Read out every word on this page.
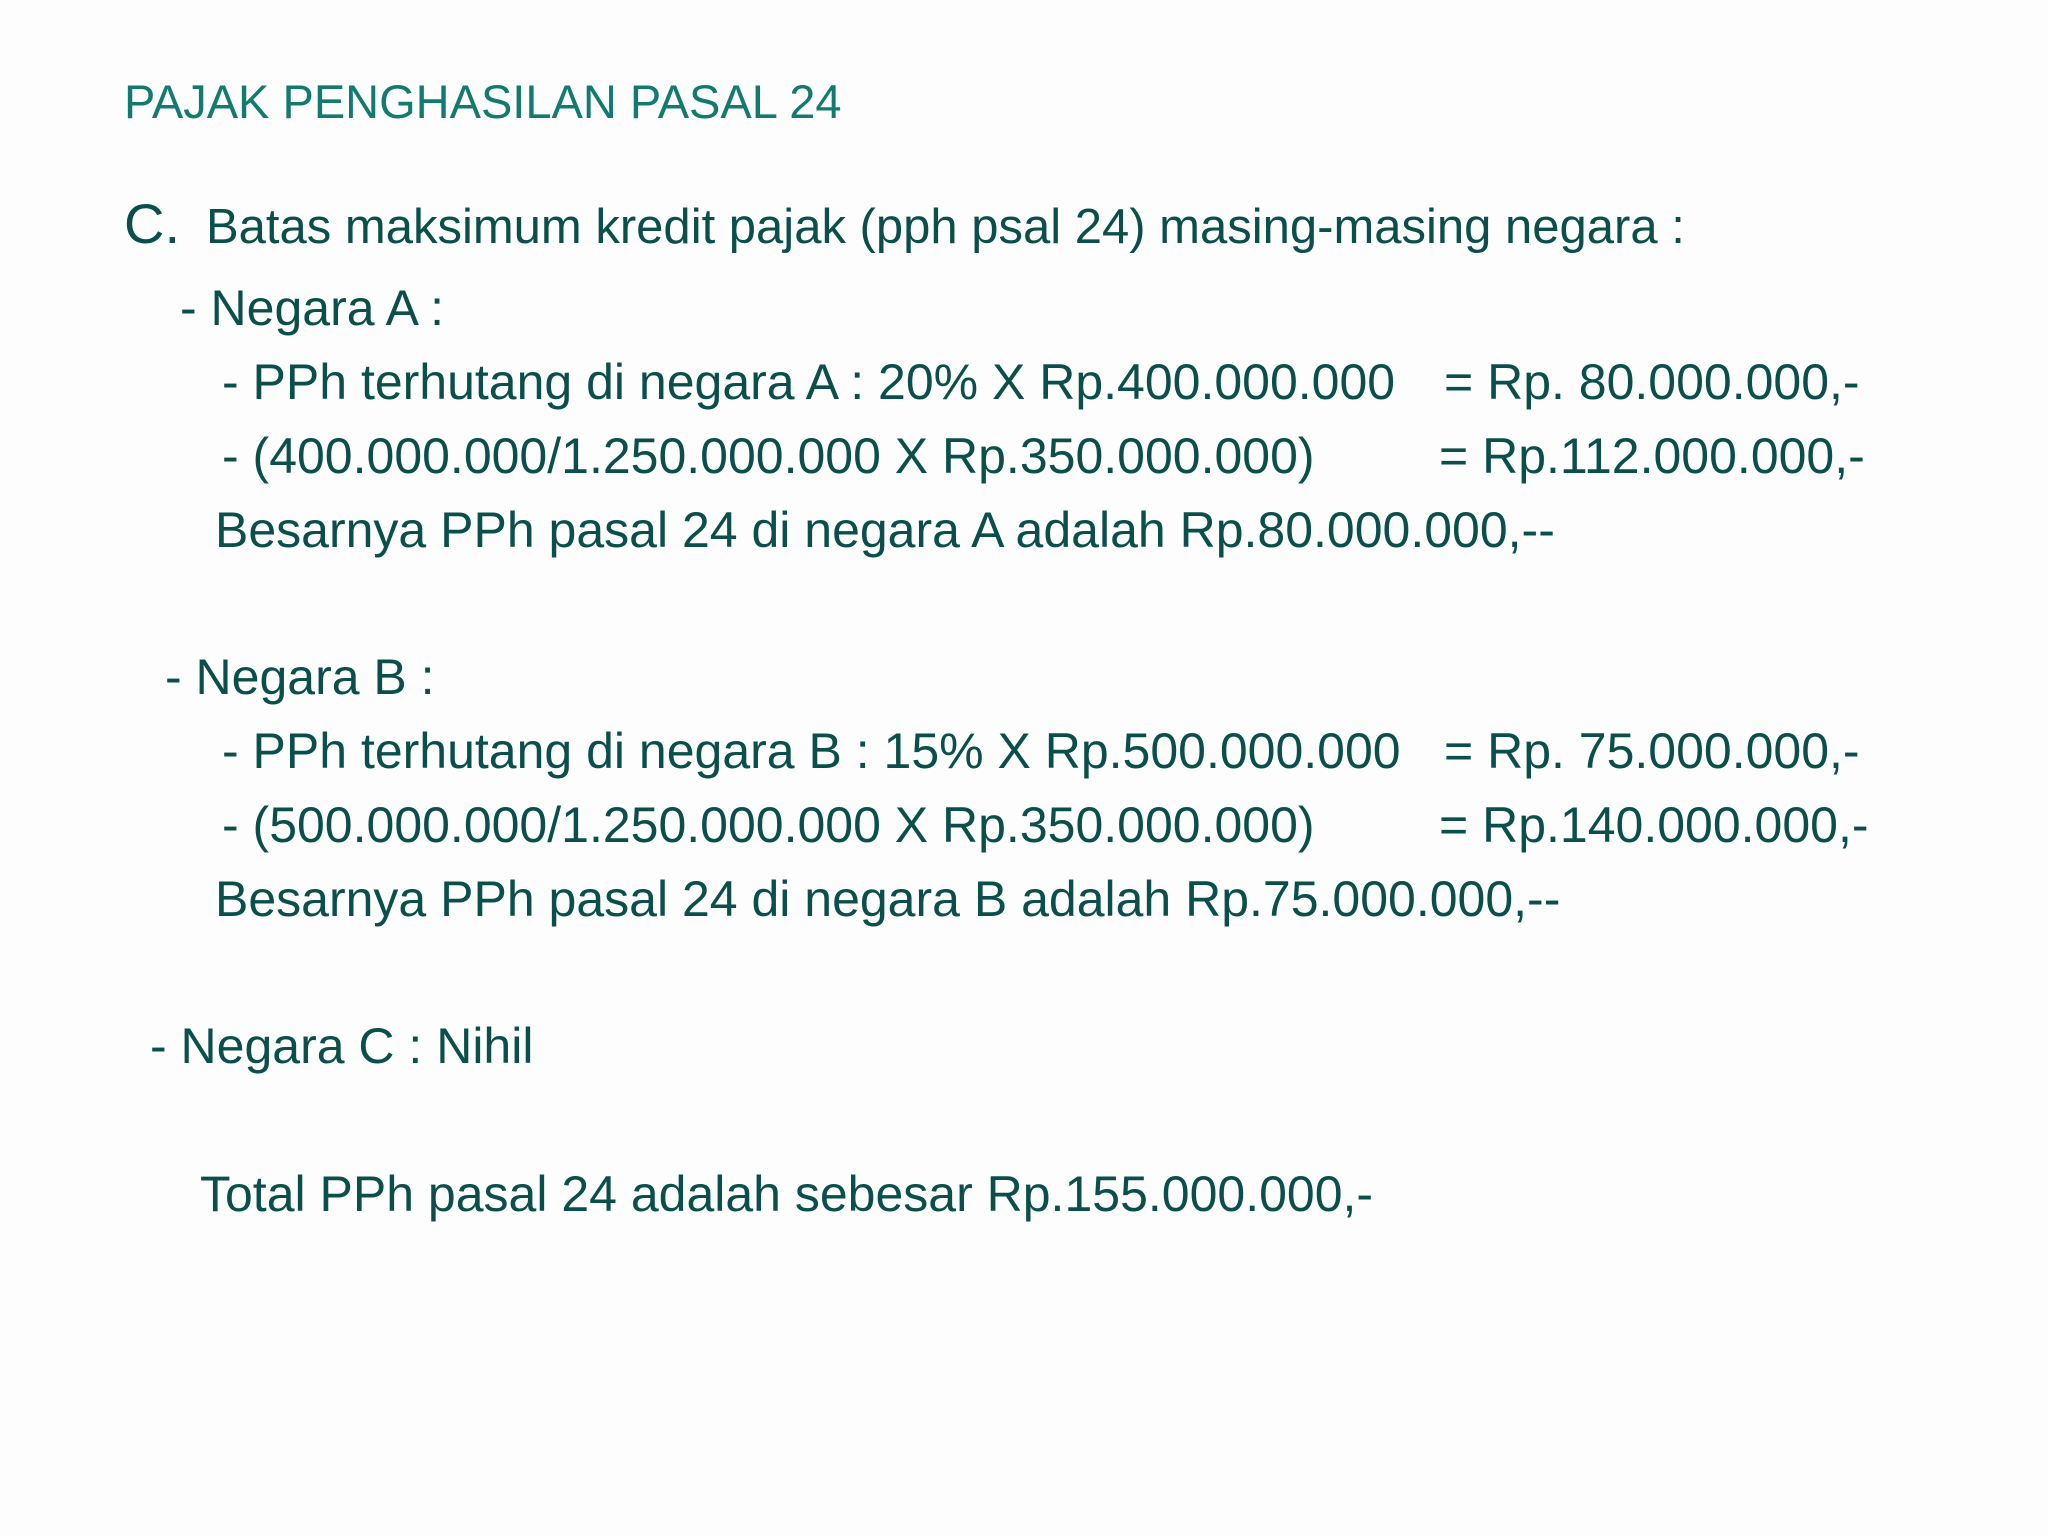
PAJAK PENGHASILAN PASAL 24
C. Batas maksimum kredit pajak (pph psal 24) masing-masing negara :
- Negara A :

- PPh terhutang di negara A : 20% X Rp.400.000.000

= Rp. 80.000.000,-

- (400.000.000/1.250.000.000 X Rp.350.000.000)

= Rp.112.000.000,-

Besarnya PPh pasal 24 di negara A adalah Rp.80.000.000,--
- Negara B :

- PPh terhutang di negara B : 15% X Rp.500.000.000

= Rp. 75.000.000,-

- (500.000.000/1.250.000.000 X Rp.350.000.000)

= Rp.140.000.000,-

Besarnya PPh pasal 24 di negara B adalah Rp.75.000.000,--
- Negara C : Nihil
Total PPh pasal 24 adalah sebesar Rp.155.000.000,-
